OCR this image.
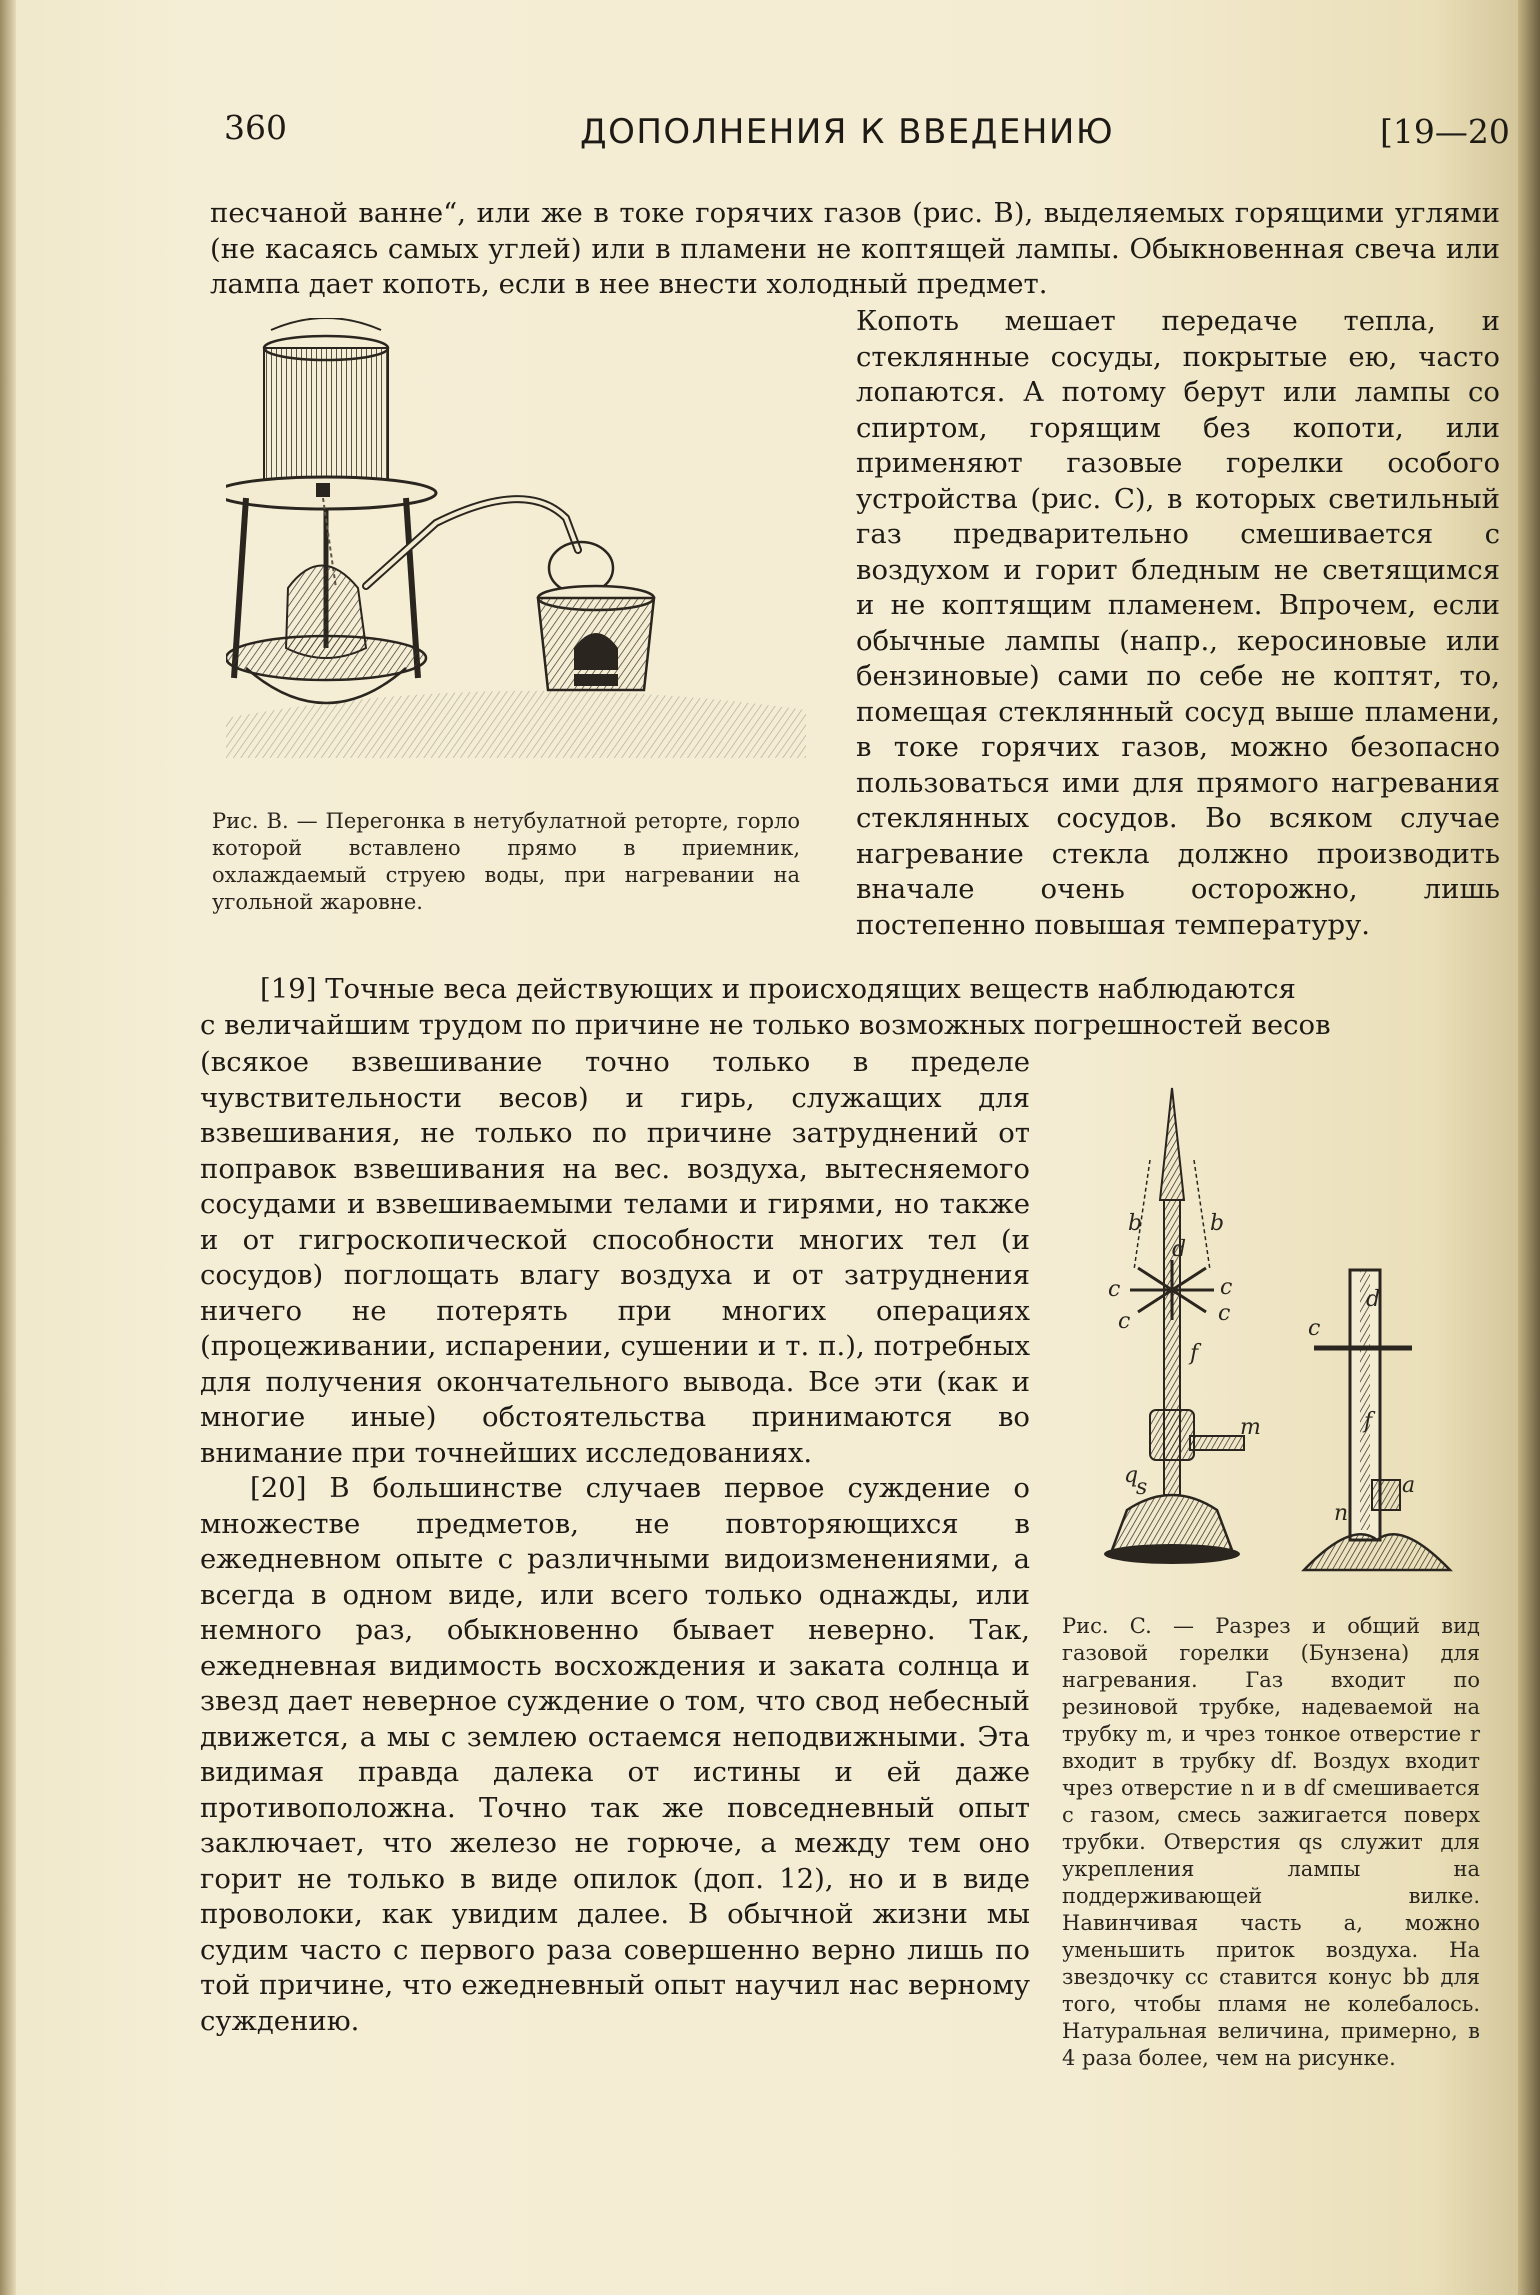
360	ДОПОЛНЕНИЯ К ВВЕДЕНИЮ	[19—20

песчаной ванне“, или же в токе горячих газов (рис. B), выделяемых горящими углями (не касаясь самых углей) или в пламени не коптящей лампы. Обыкновенная свеча или лампа дает копоть, если в нее внести холодный предмет.

Рис. B. — Перегонка в нетубулатной реторте, горло которой вставлено прямо в приемник, охлаждаемый струею воды, при нагревании на угольной жаровне.

Копоть мешает передаче тепла, и стеклянные сосуды, покрытые ею, часто лопаются. А потому берут или лампы со спиртом, горящим без копоти, или применяют газовые горелки особого устройства (рис. C), в которых светильный газ предварительно смешивается с воздухом и горит бледным не светящимся и не коптящим пламенем. Впрочем, если обычные лампы (напр., керосиновые или бензиновые) сами по себе не коптят, то, помещая стеклянный сосуд выше пламени, в токе горячих газов, можно безопасно пользоваться ими для прямого нагревания стеклянных сосудов. Во всяком случае нагревание стекла должно производить вначале очень осторожно, лишь постепенно повышая температуру.

[19] Точные веса действующих и происходящих веществ наблюдаются

с величайшим трудом по причине не только возможных погрешностей весов

(всякое взвешивание точно только в пределе чувствительности весов) и гирь, служащих для взвешивания, не только по причине затруднений от поправок взвешивания на вес. воздуха, вытесняемого сосудами и взвешиваемыми телами и гирями, но также и от гигроскопической способности многих тел (и сосудов) поглощать влагу воздуха и от затруднения ничего не потерять при многих операциях (процеживании, испарении, сушении и т. п.), потребных для получения окончательного вывода. Все эти (как и многие иные) обстоятельства принимаются во внимание при точнейших исследованиях.

[20] В большинстве случаев первое суждение о множестве предметов, не повторяющихся в ежедневном опыте с различными видоизменениями, а всегда в одном виде, или всего только однажды, или немного раз, обыкновенно бывает неверно. Так, ежедневная видимость восхождения и заката солнца и звезд дает неверное суждение о том, что свод небесный движется, а мы с землею остаемся неподвижными. Эта видимая правда далека от истины и ей даже противоположна. Точно так же повседневный опыт заключает, что железо не горюче, а между тем оно горит не только в виде опилок (доп. 12), но и в виде проволоки, как увидим далее. В обычной жизни мы судим часто с первого раза совершенно верно лишь по той причине, что ежедневный опыт научил нас верному суждению.

b	b
d
c	c
c	c
f
m
q
s
c
d
f
a
n

Рис. C. — Разрез и общий вид газовой горелки (Бунзена) для нагревания. Газ входит по резиновой трубке, надеваемой на трубку m, и чрез тонкое отверстие r входит в трубку df. Воздух входит чрез отверстие n и в df смешивается с газом, смесь зажигается поверх трубки. Отверстия qs служит для укрепления лампы на поддерживающей вилке. Навинчивая часть a, можно уменьшить приток воздуха. На звездочку cc ставится конус bb для того, чтобы пламя не колебалось. Натуральная величина, примерно, в 4 раза более, чем на рисунке.
